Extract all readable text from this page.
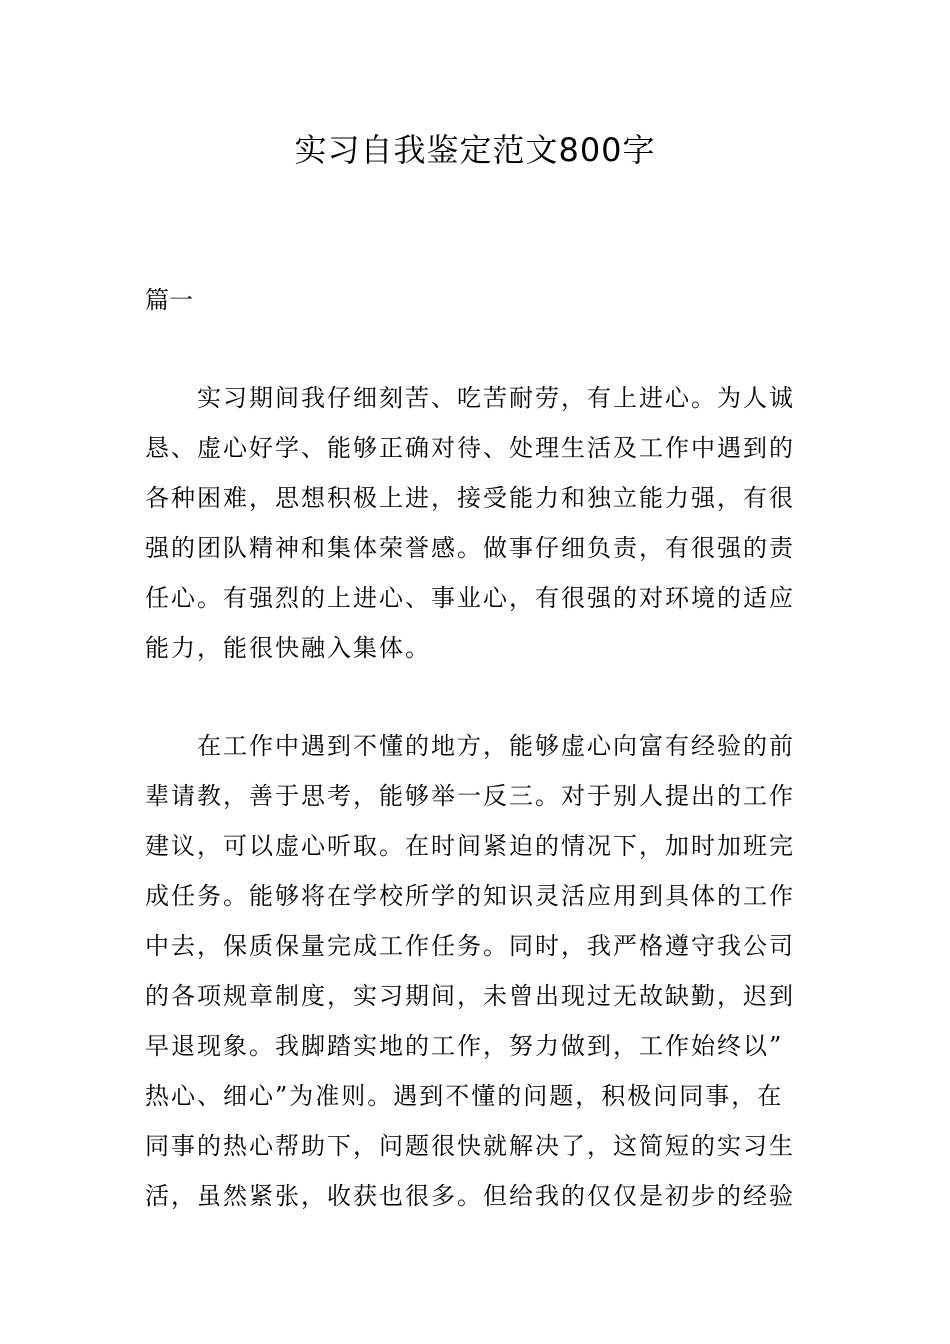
实习自我鉴定范文800字
篇一
实习期间我仔细刻苦、吃苦耐劳，有上进心。为人诚
恳、虚心好学、能够正确对待、处理生活及工作中遇到的
各种困难，思想积极上进，接受能力和独立能力强，有很
强的团队精神和集体荣誉感。做事仔细负责，有很强的责
任心。有强烈的上进心、事业心，有很强的对环境的适应
能力，能很快融入集体。
在工作中遇到不懂的地方，能够虚心向富有经验的前
辈请教，善于思考，能够举一反三。对于别人提出的工作
建议，可以虚心听取。在时间紧迫的情况下，加时加班完
成任务。能够将在学校所学的知识灵活应用到具体的工作
中去，保质保量完成工作任务。同时，我严格遵守我公司
的各项规章制度，实习期间，未曾出现过无故缺勤，迟到
早退现象。我脚踏实地的工作，努力做到，工作始终以”
热心、细心”为准则。遇到不懂的问题，积极问同事，在
同事的热心帮助下，问题很快就解决了，这简短的实习生
活，虽然紧张，收获也很多。但给我的仅仅是初步的经验
